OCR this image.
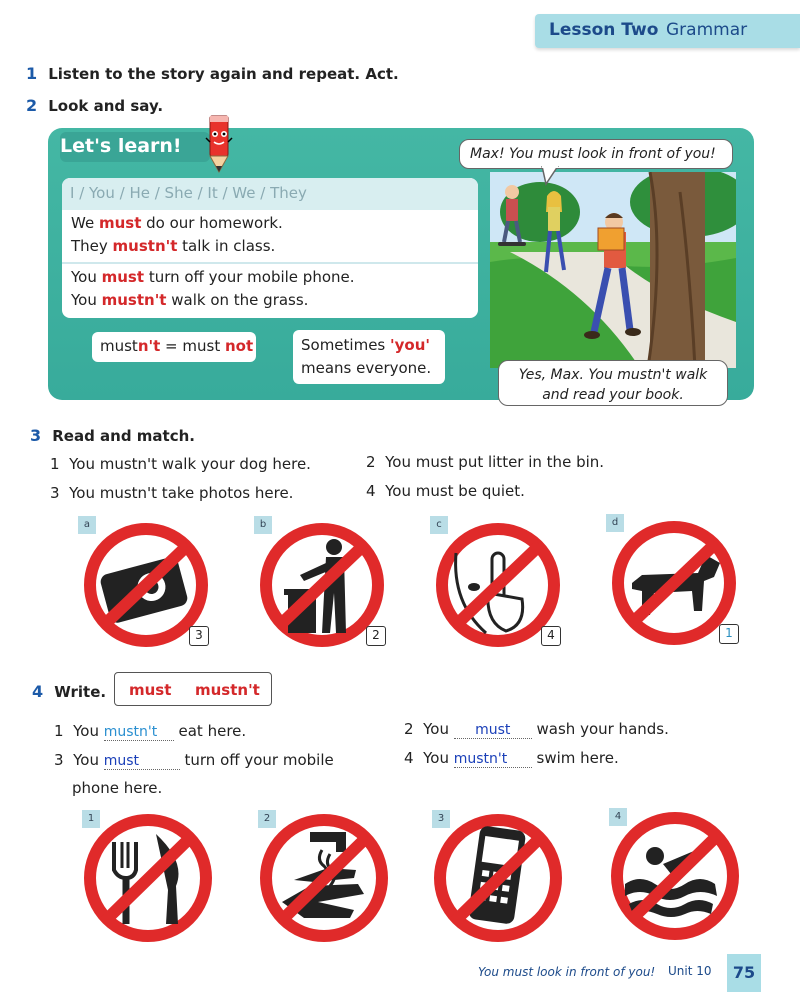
Lesson Two Grammar
1 Listen to the story again and repeat. Act.
2 Look and say.
Let's learn!
I / You / He / She / It / We / They
We must do our homework.
They mustn't talk in class.
You must turn off your mobile phone.
You mustn't walk on the grass.
mustn't = must not	Sometimes 'you'
means everyone.
Max! You must look in front of you!
Yes, Max. You mustn't walk
and read your book.
3 Read and match.
1 You mustn't walk your dog here.	2 You must put litter in the bin.
3 You mustn't take photos here.	4 You must be quiet.
a
3
b
2
c
4
d
1
4 Write. must mustn't
1 You mustn't eat here.	2 You must wash your hands.
3 You must	turn off your mobile
phone here.
4 You mustn't swim here.
1	2	3	4
You must look in front of you! Unit 10	75
